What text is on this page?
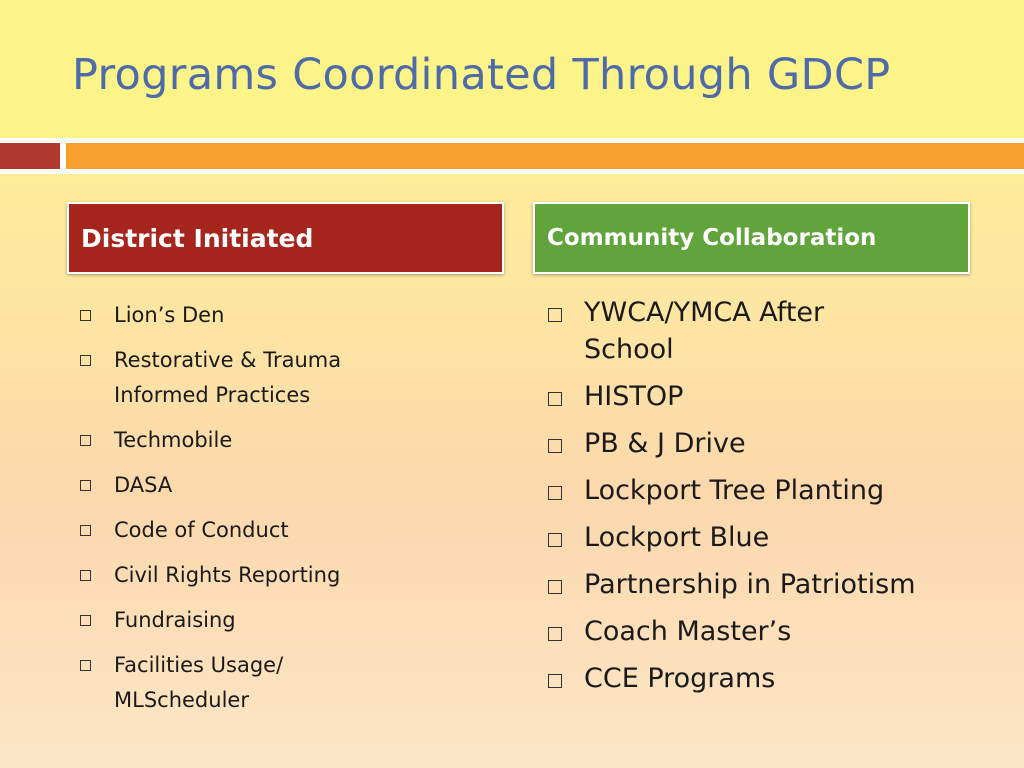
Programs Coordinated Through GDCP
District Initiated	Community Collaboration
Lion’s Den
Restorative & Trauma Informed Practices
Techmobile
DASA
Code of Conduct
Civil Rights Reporting
Fundraising
Facilities Usage/ MLScheduler
YWCA/YMCA After School
HISTOP
PB & J Drive
Lockport Tree Planting
Lockport Blue
Partnership in Patriotism
Coach Master’s
CCE Programs
